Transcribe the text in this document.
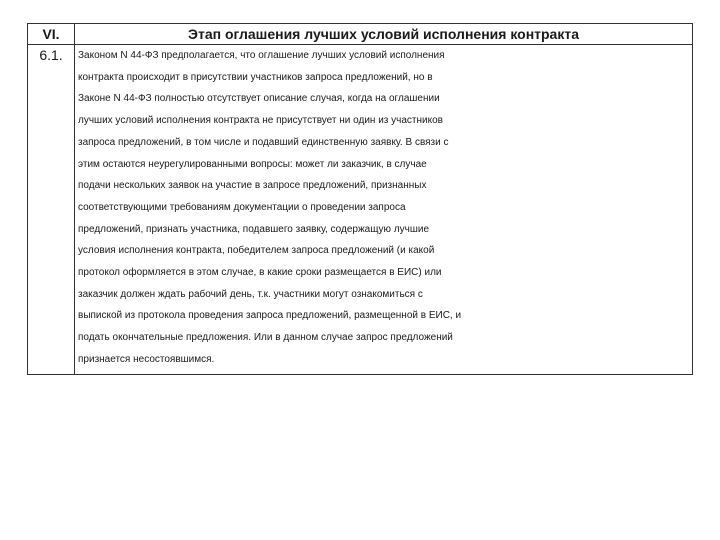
VI.	Этап оглашения лучших условий исполнения контракта
6.1.	Законом N 44-ФЗ предполагается, что оглашение лучших условий исполнения
контракта происходит в присутствии участников запроса предложений, но в
Законе N 44-ФЗ полностью отсутствует описание случая, когда на оглашении
лучших условий исполнения контракта не присутствует ни один из участников
запроса предложений, в том числе и подавший единственную заявку. В связи с
этим остаются неурегулированными вопросы: может ли заказчик, в случае
подачи нескольких заявок на участие в запросе предложений, признанных
соответствующими требованиям документации о проведении запроса
предложений, признать участника, подавшего заявку, содержащую лучшие
условия исполнения контракта, победителем запроса предложений (и какой
протокол оформляется в этом случае, в какие сроки размещается в ЕИС) или
заказчик должен ждать рабочий день, т.к. участники могут ознакомиться с
выпиской из протокола проведения запроса предложений, размещенной в ЕИС, и
подать окончательные предложения. Или в данном случае запрос предложений
признается несостоявшимся.
